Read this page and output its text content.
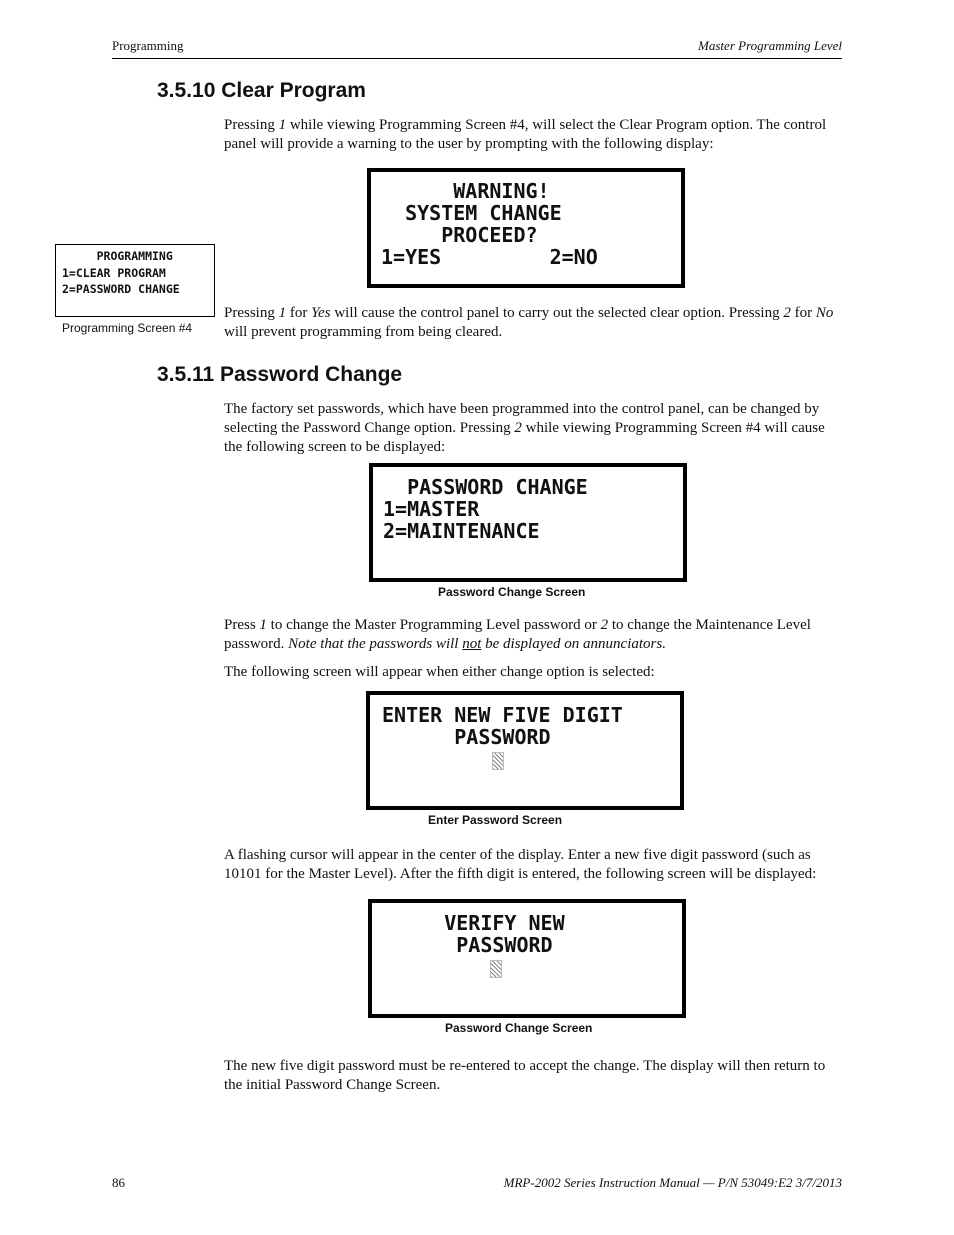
Programming	Master Programming Level
3.5.10 Clear Program
Pressing 1 while viewing Programming Screen #4, will select the Clear Program option. The control panel will provide a warning to the user by prompting with the following display:
WARNING!
SYSTEM CHANGE
PROCEED?
1=YES         2=NO
PROGRAMMING
1=CLEAR PROGRAM
2=PASSWORD CHANGE
Programming Screen #4
Pressing 1 for Yes will cause the control panel to carry out the selected clear option. Pressing 2 for No will prevent programming from being cleared.
3.5.11 Password Change
The factory set passwords, which have been programmed into the control panel, can be changed by selecting the Password Change option. Pressing 2 while viewing Programming Screen #4 will cause the following screen to be displayed:
PASSWORD CHANGE
1=MASTER
2=MAINTENANCE
Password Change Screen
Press 1 to change the Master Programming Level password or 2 to change the Maintenance Level password. Note that the passwords will not be displayed on annunciators.
The following screen will appear when either change option is selected:
ENTER NEW FIVE DIGIT
PASSWORD
Enter Password Screen
A flashing cursor will appear in the center of the display. Enter a new five digit password (such as 10101 for the Master Level). After the fifth digit is entered, the following screen will be displayed:
VERIFY NEW
PASSWORD
Password Change Screen
The new five digit password must be re-entered to accept the change. The display will then return to the initial Password Change Screen.
86	MRP-2002 Series Instruction Manual — P/N 53049:E2 3/7/2013
